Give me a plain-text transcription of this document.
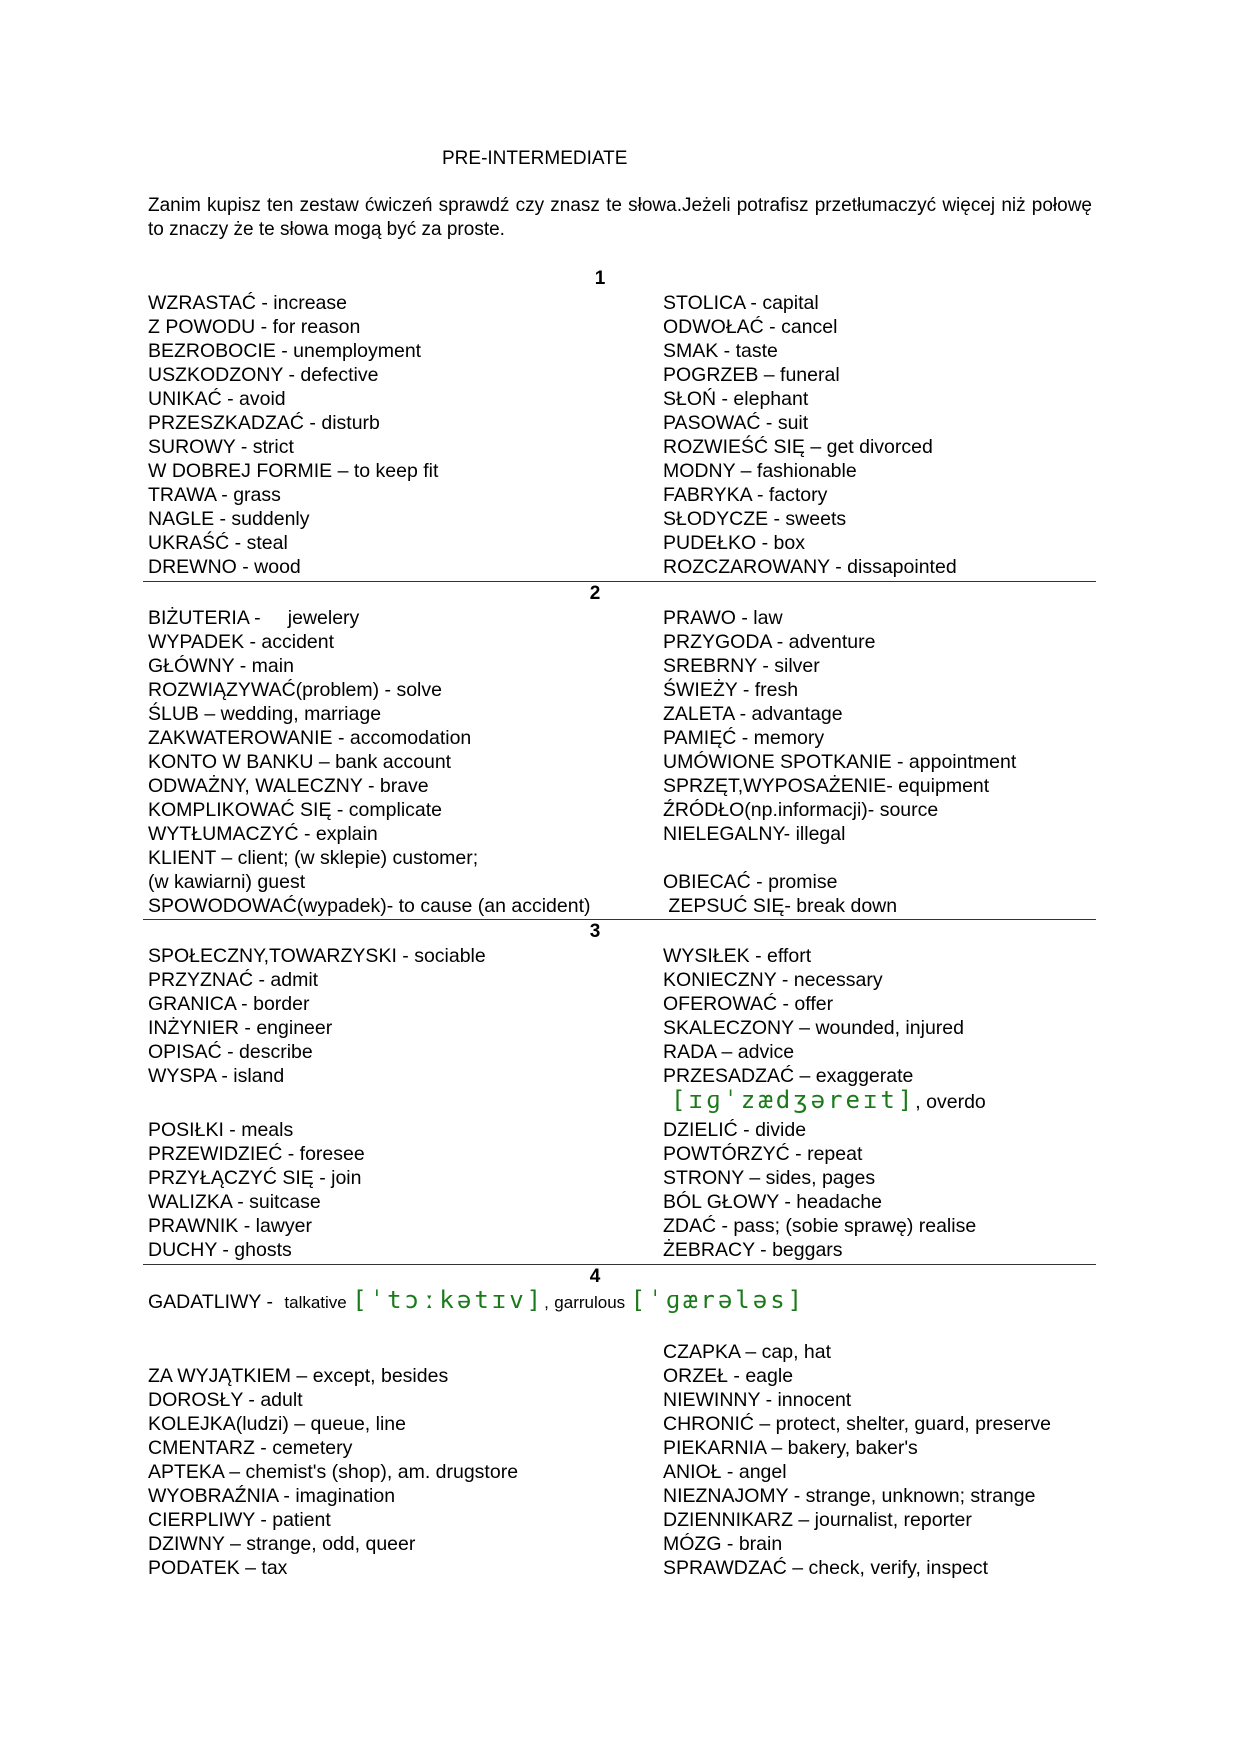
PRE-INTERMEDIATE
Zanim kupisz ten zestaw ćwiczeń sprawdź czy znasz te słowa.Jeżeli potrafisz przetłumaczyć więcej niż połowę to znaczy że te słowa mogą być za proste.
1
WZRASTAĆ - increase
Z POWODU - for reason
BEZROBOCIE - unemployment
USZKODZONY - defective
UNIKAĆ - avoid
PRZESZKADZAĆ - disturb
SUROWY - strict
W DOBREJ FORMIE – to keep fit
TRAWA - grass
NAGLE - suddenly
UKRAŚĆ - steal
DREWNO - wood
STOLICA - capital
ODWOŁAĆ - cancel
SMAK - taste
POGRZEB – funeral
SŁOŃ - elephant
PASOWAĆ - suit
ROZWIEŚĆ SIĘ – get divorced
MODNY – fashionable
FABRYKA - factory
SŁODYCZE - sweets
PUDEŁKO - box
ROZCZAROWANY - dissapointed
2
BIŻUTERIA -     jewelery
WYPADEK - accident
GŁÓWNY - main
ROZWIĄZYWAĆ(problem) - solve
ŚLUB – wedding, marriage
ZAKWATEROWANIE - accomodation
KONTO W BANKU – bank account
ODWAŻNY, WALECZNY - brave
KOMPLIKOWAĆ SIĘ - complicate
WYTŁUMACZYĆ - explain
KLIENT – client; (w sklepie) customer;
(w kawiarni) guest
SPOWODOWAĆ(wypadek)- to cause (an accident)
PRAWO - law
PRZYGODA - adventure
SREBRNY - silver
ŚWIEŻY - fresh
ZALETA - advantage
PAMIĘĆ - memory
UMÓWIONE SPOTKANIE - appointment
SPRZĘT,WYPOSAŻENIE- equipment
ŹRÓDŁO(np.informacji)- source
NIELEGALNY- illegal
OBIECAĆ - promise
ZEPSUĆ SIĘ- break down
3
SPOŁECZNY,TOWARZYSKI - sociable
PRZYZNAĆ - admit
GRANICA - border
INŻYNIER - engineer
OPISAĆ - describe
WYSPA - island
POSIŁKI - meals
PRZEWIDZIEĆ - foresee
PRZYŁĄCZYĆ SIĘ - join
WALIZKA - suitcase
PRAWNIK - lawyer
DUCHY - ghosts
WYSIŁEK - effort
KONIECZNY - necessary
OFEROWAĆ - offer
SKALECZONY – wounded, injured
RADA – advice
PRZESADZAĆ – exaggerate
[ɪɡˈzædʒəreɪt], overdo
DZIELIĆ - divide
POWTÓRZYĆ - repeat
STRONY – sides, pages
BÓL GŁOWY - headache
ZDAĆ - pass; (sobie sprawę) realise
ŻEBRACY - beggars
4
GADATLIWY - talkative [ˈtɔːkətɪv], garrulous [ˈɡærələs]
ZA WYJĄTKIEM – except, besides
DOROSŁY - adult
KOLEJKA(ludzi) – queue, line
CMENTARZ - cemetery
APTEKA – chemist's (shop), am. drugstore
WYOBRAŹNIA - imagination
CIERPLIWY - patient
DZIWNY – strange, odd, queer
PODATEK – tax
CZAPKA – cap, hat
ORZEŁ - eagle
NIEWINNY - innocent
CHRONIĆ – protect, shelter, guard, preserve
PIEKARNIA – bakery, baker's
ANIOŁ - angel
NIEZNAJOMY - strange, unknown; strange
DZIENNIKARZ – journalist, reporter
MÓZG - brain
SPRAWDZAĆ – check, verify, inspect
